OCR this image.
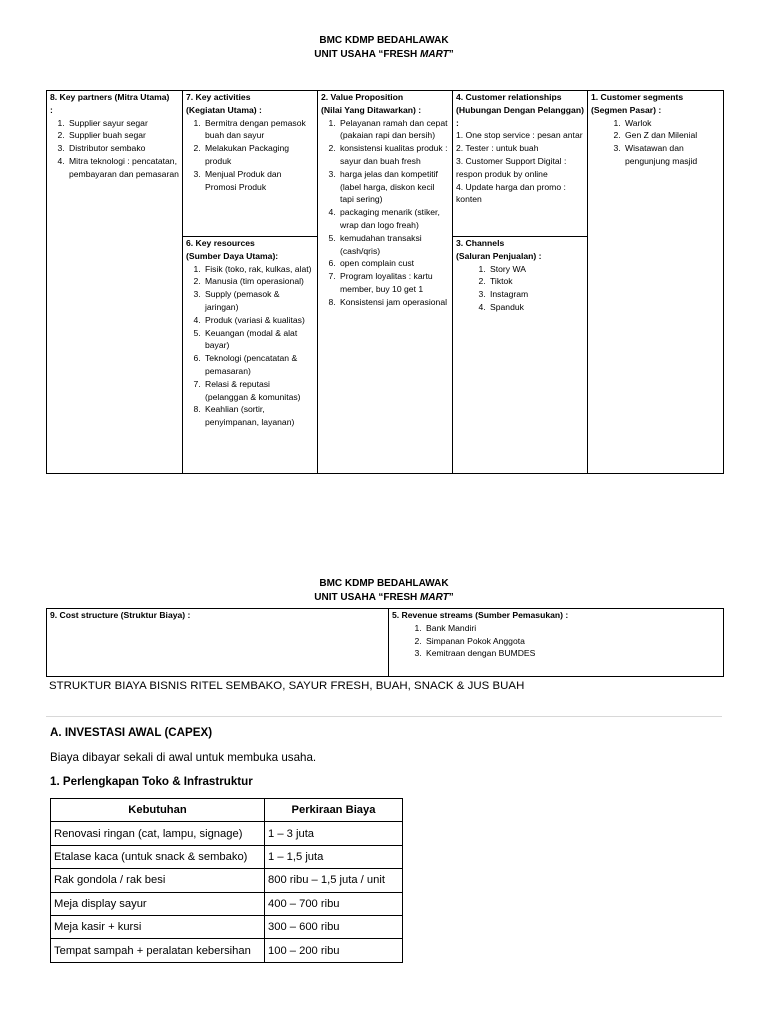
BMC KDMP BEDAHLAWAK
UNIT USAHA “FRESH MART”
8. Key partners (Mitra Utama)
:
1. Supplier sayur segar
2. Supplier buah segar
3. Distributor sembako
4. Mitra teknologi : pencatatan, pembayaran dan pemasaran
7. Key activities
(Kegiatan Utama) :
1. Bermitra dengan pemasok buah dan sayur
2. Melakukan Packaging produk
3. Menjual Produk dan Promosi Produk
6. Key resources
(Sumber Daya Utama):
1. Fisik (toko, rak, kulkas, alat)
2. Manusia (tim operasional)
3. Supply (pemasok & jaringan)
4. Produk (variasi & kualitas)
5. Keuangan (modal & alat bayar)
6. Teknologi (pencatatan & pemasaran)
7. Relasi & reputasi (pelanggan & komunitas)
8. Keahlian (sortir, penyimpanan, layanan)
2. Value Proposition
(Nilai Yang Ditawarkan) :
1. Pelayanan ramah dan cepat (pakaian rapi dan bersih)
2. konsistensi kualitas produk : sayur dan buah fresh
3. harga jelas dan kompetitif (label harga, diskon kecil tapi sering)
4. packaging menarik (stiker, wrap dan logo freah)
5. kemudahan transaksi (cash/qris)
6. open complain cust
7. Program loyalitas : kartu member, buy 10 get 1
8. Konsistensi jam operasional
4. Customer relationships
(Hubungan Dengan Pelanggan) :
1. One stop service : pesan antar
2. Tester : untuk buah
3. Customer Support Digital : respon produk by online
4. Update harga dan promo : konten
3. Channels
(Saluran Penjualan) :
1. Story WA
2. Tiktok
3. Instagram
4. Spanduk
1. Customer segments
(Segmen Pasar) :
1. Warlok
2. Gen Z dan Milenial
3. Wisatawan dan pengunjung masjid
BMC KDMP BEDAHLAWAK
UNIT USAHA “FRESH MART”
9. Cost structure (Struktur Biaya) :	5. Revenue streams (Sumber Pemasukan) :
1. Bank Mandiri
2. Simpanan Pokok Anggota
3. Kemitraan dengan BUMDES
STRUKTUR BIAYA BISNIS RITEL SEMBAKO, SAYUR FRESH, BUAH, SNACK & JUS BUAH
A. INVESTASI AWAL (CAPEX)
Biaya dibayar sekali di awal untuk membuka usaha.
1. Perlengkapan Toko & Infrastruktur
Kebutuhan	Perkiraan Biaya
Renovasi ringan (cat, lampu, signage)	1 – 3 juta
Etalase kaca (untuk snack & sembako)	1 – 1,5 juta
Rak gondola / rak besi	800 ribu – 1,5 juta / unit
Meja display sayur	400 – 700 ribu
Meja kasir + kursi	300 – 600 ribu
Tempat sampah + peralatan kebersihan	100 – 200 ribu
